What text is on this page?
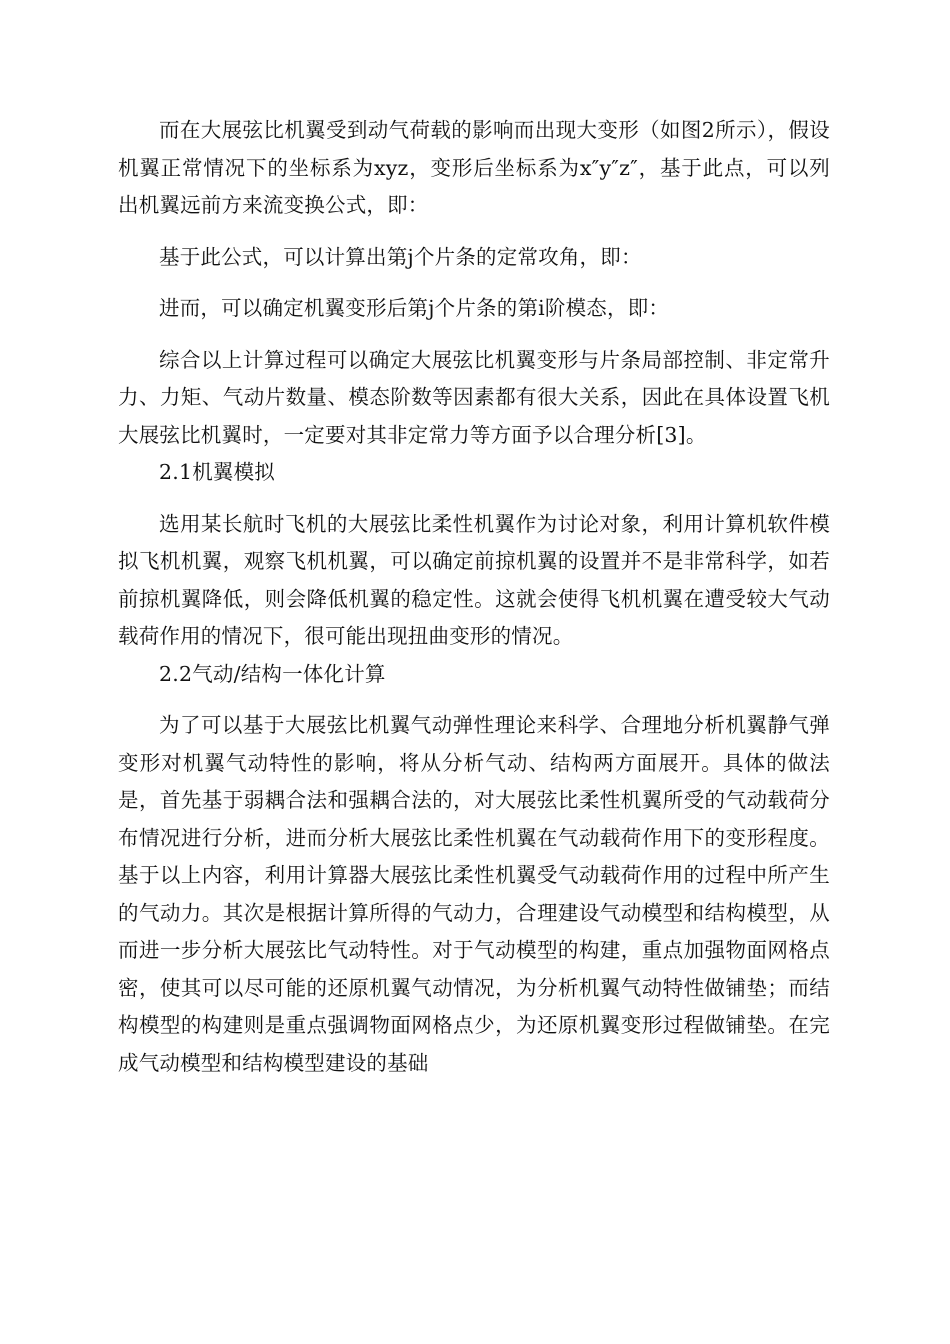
而在大展弦比机翼受到动气荷载的影响而出现大变形（如图2所示），假设机翼正常情况下的坐标系为xyz，变形后坐标系为x″y″z″，基于此点，可以列出机翼远前方来流变换公式，即：

基于此公式，可以计算出第j个片条的定常攻角，即：

进而，可以确定机翼变形后第j个片条的第i阶模态，即：

综合以上计算过程可以确定大展弦比机翼变形与片条局部控制、非定常升力、力矩、气动片数量、模态阶数等因素都有很大关系，因此在具体设置飞机大展弦比机翼时，一定要对其非定常力等方面予以合理分析[3]。

2.1机翼模拟

选用某长航时飞机的大展弦比柔性机翼作为讨论对象，利用计算机软件模拟飞机机翼，观察飞机机翼，可以确定前掠机翼的设置并不是非常科学，如若前掠机翼降低，则会降低机翼的稳定性。这就会使得飞机机翼在遭受较大气动载荷作用的情况下，很可能出现扭曲变形的情况。

2.2气动/结构一体化计算

为了可以基于大展弦比机翼气动弹性理论来科学、合理地分析机翼静气弹变形对机翼气动特性的影响，将从分析气动、结构两方面展开。具体的做法是，首先基于弱耦合法和强耦合法的，对大展弦比柔性机翼所受的气动载荷分布情况进行分析，进而分析大展弦比柔性机翼在气动载荷作用下的变形程度。基于以上内容，利用计算器大展弦比柔性机翼受气动载荷作用的过程中所产生的气动力。其次是根据计算所得的气动力，合理建设气动模型和结构模型，从而进一步分析大展弦比气动特性。对于气动模型的构建，重点加强物面网格点密，使其可以尽可能的还原机翼气动情况，为分析机翼气动特性做铺垫；而结构模型的构建则是重点强调物面网格点少，为还原机翼变形过程做铺垫。在完成气动模型和结构模型建设的基础
